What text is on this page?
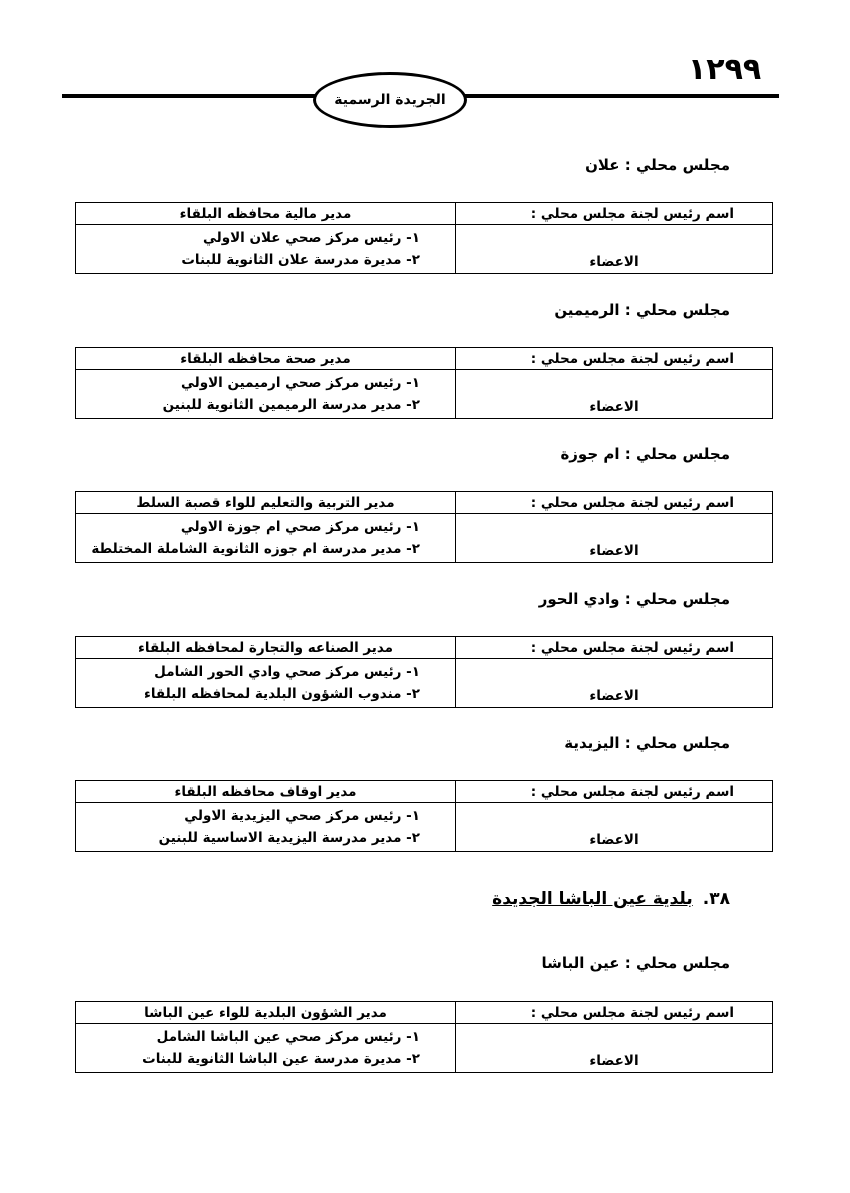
١٢٩٩
الجريدة الرسمية
مجلس محلي : علان
اسم رئيس لجنة مجلس محلي :	مدير مالية محافظه البلقاء
الاعضاء	١- رئيس مركز صحي علان الاولي
٢- مديرة مدرسة علان الثانوية للبنات
مجلس محلي : الرميمين
اسم رئيس لجنة مجلس محلي :	مدير صحة محافظه البلقاء
الاعضاء	١- رئيس مركز صحي ارميمين الاولي
٢- مدير مدرسة الرميمين الثانوية للبنين
مجلس محلي : ام جوزة
اسم رئيس لجنة مجلس محلي :	مدير التربية والتعليم للواء قصبة السلط
الاعضاء	١- رئيس مركز صحي ام جوزة الاولي
٢- مدير مدرسة ام جوزه الثانوية الشاملة المختلطة
مجلس محلي : وادي الحور
اسم رئيس لجنة مجلس محلي :	مدير الصناعه والتجارة لمحافظه البلقاء
الاعضاء	١- رئيس مركز صحي وادي الحور الشامل
٢- مندوب الشؤون البلدية لمحافظه البلقاء
مجلس محلي : اليزيدية
اسم رئيس لجنة مجلس محلي :	مدير اوقاف محافظه البلقاء
الاعضاء	١- رئيس مركز صحي اليزيدية الاولي
٢- مدير مدرسة اليزيدية الاساسية للبنين
٣٨.بلدية عين الباشا الجديدة
مجلس محلي : عين الباشا
اسم رئيس لجنة مجلس محلي :	مدير الشؤون البلدية للواء عين الباشا
الاعضاء	١- رئيس مركز صحي عين الباشا الشامل
٢- مديرة مدرسة عين الباشا الثانوية للبنات
